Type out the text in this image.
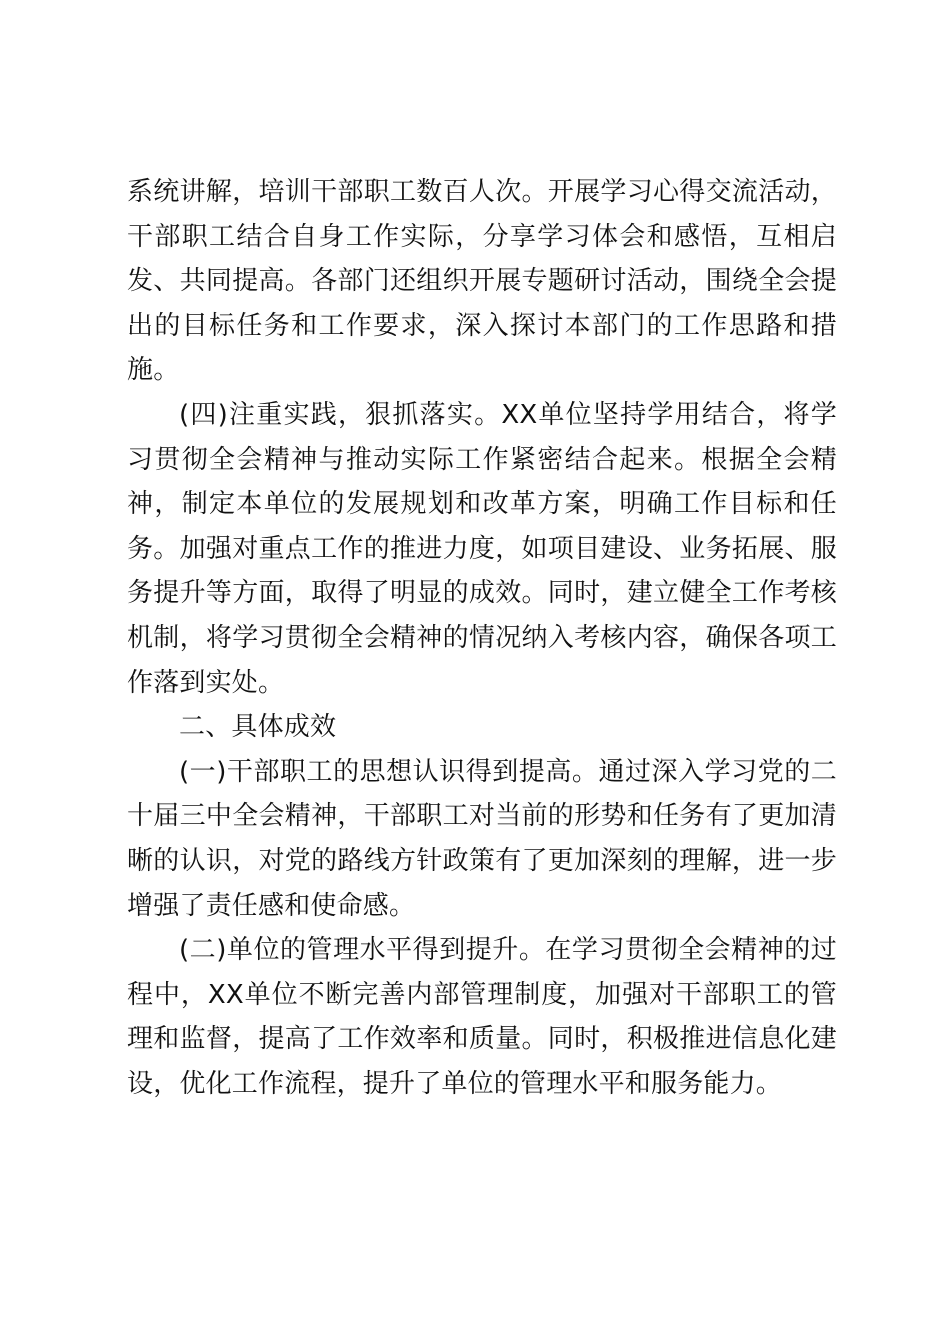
系统讲解，培训干部职工数百人次。开展学习心得交流活动，干部职工结合自身工作实际，分享学习体会和感悟，互相启发、共同提高。各部门还组织开展专题研讨活动，围绕全会提出的目标任务和工作要求，深入探讨本部门的工作思路和措施。

(四)注重实践，狠抓落实。XX单位坚持学用结合，将学习贯彻全会精神与推动实际工作紧密结合起来。根据全会精神，制定本单位的发展规划和改革方案，明确工作目标和任务。加强对重点工作的推进力度，如项目建设、业务拓展、服务提升等方面，取得了明显的成效。同时，建立健全工作考核机制，将学习贯彻全会精神的情况纳入考核内容，确保各项工作落到实处。

二、具体成效

(一)干部职工的思想认识得到提高。通过深入学习党的二十届三中全会精神，干部职工对当前的形势和任务有了更加清晰的认识，对党的路线方针政策有了更加深刻的理解，进一步增强了责任感和使命感。

(二)单位的管理水平得到提升。在学习贯彻全会精神的过程中，XX单位不断完善内部管理制度，加强对干部职工的管理和监督，提高了工作效率和质量。同时，积极推进信息化建设，优化工作流程，提升了单位的管理水平和服务能力。
